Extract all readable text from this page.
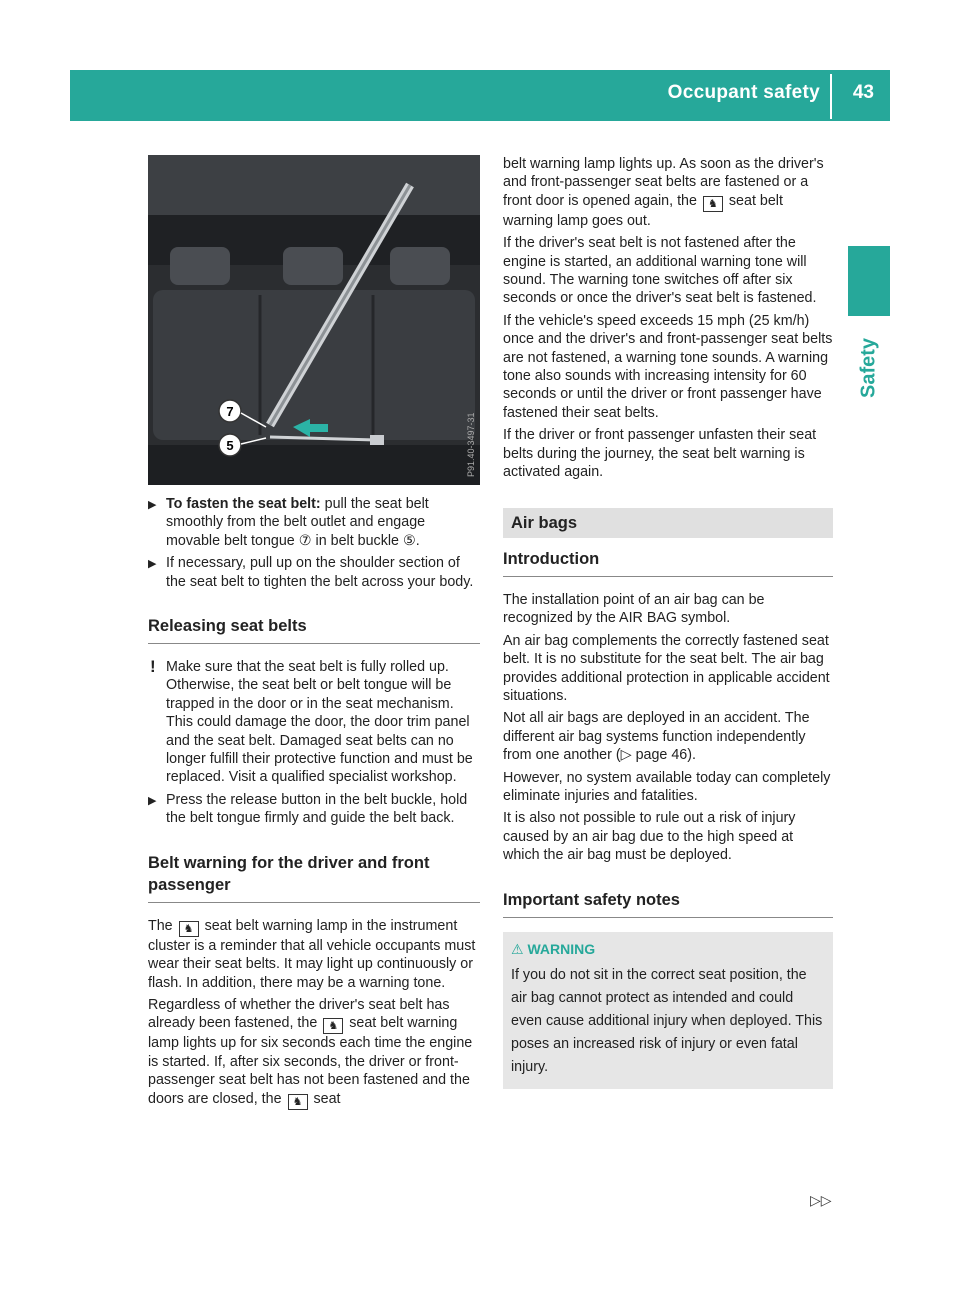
Occupant safety 43
Safety
7
5	P91.40-3497-31

▶ To fasten the seat belt: pull the seat belt smoothly from the belt outlet and engage movable belt tongue ⑦ in belt buckle ⑤.

▶ If necessary, pull up on the shoulder section of the seat belt to tighten the belt across your body.

Releasing seat belts

! Make sure that the seat belt is fully rolled up. Otherwise, the seat belt or belt tongue will be trapped in the door or in the seat mechanism. This could damage the door, the door trim panel and the seat belt. Damaged seat belts can no longer fulfill their protective function and must be replaced. Visit a qualified specialist workshop.

▶ Press the release button in the belt buckle, hold the belt tongue firmly and guide the belt back.

Belt warning for the driver and front passenger

The ♞ seat belt warning lamp in the instrument cluster is a reminder that all vehicle occupants must wear their seat belts. It may light up continuously or flash. In addition, there may be a warning tone.

Regardless of whether the driver's seat belt has already been fastened, the ♞ seat belt warning lamp lights up for six seconds each time the engine is started. If, after six seconds, the driver or front-passenger seat belt has not been fastened and the doors are closed, the ♞ seat

belt warning lamp lights up. As soon as the driver's and front-passenger seat belts are fastened or a front door is opened again, the ♞ seat belt warning lamp goes out.

If the driver's seat belt is not fastened after the engine is started, an additional warning tone will sound. The warning tone switches off after six seconds or once the driver's seat belt is fastened.

If the vehicle's speed exceeds 15 mph (25 km/h) once and the driver's and front-passenger seat belts are not fastened, a warning tone sounds. A warning tone also sounds with increasing intensity for 60 seconds or until the driver or front passenger have fastened their seat belts.

If the driver or front passenger unfasten their seat belts during the journey, the seat belt warning is activated again.

Air bags
Introduction

The installation point of an air bag can be recognized by the AIR BAG symbol.

An air bag complements the correctly fastened seat belt. It is no substitute for the seat belt. The air bag provides additional protection in applicable accident situations.

Not all air bags are deployed in an accident. The different air bag systems function independently from one another (▷ page 46).

However, no system available today can completely eliminate injuries and fatalities.

It is also not possible to rule out a risk of injury caused by an air bag due to the high speed at which the air bag must be deployed.

Important safety notes
⚠ WARNING
If you do not sit in the correct seat position, the air bag cannot protect as intended and could even cause additional injury when deployed. This poses an increased risk of injury or even fatal injury.
▷▷
